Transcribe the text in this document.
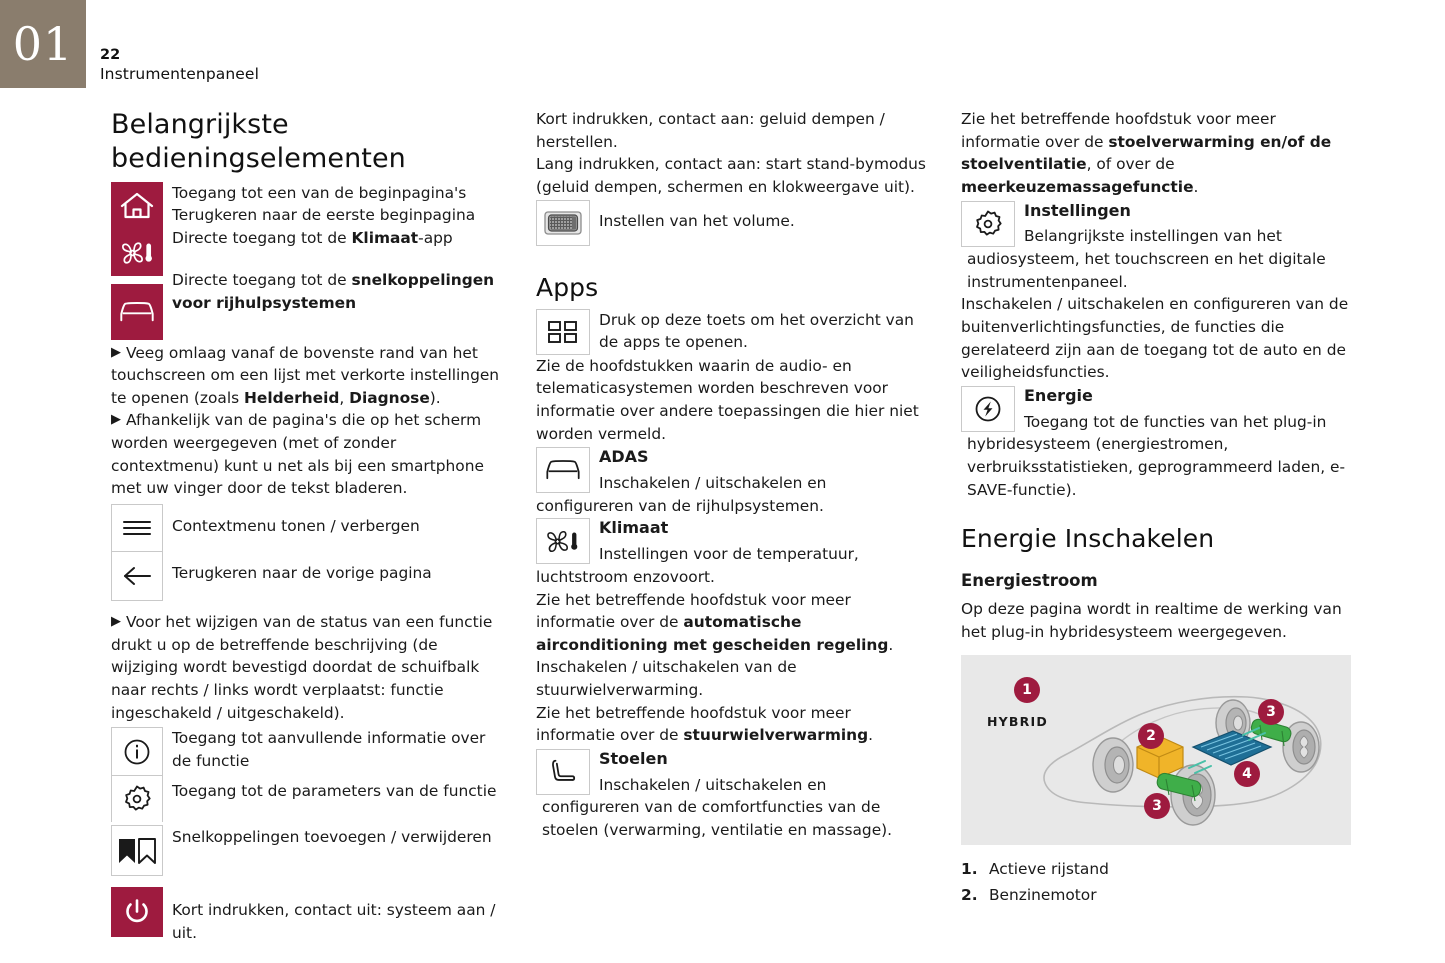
01 22
Instrumentenpaneel
Belangrijkste bedieningselementen

Toegang tot een van de beginpagina's

Terugkeren naar de eerste beginpagina

Directe toegang tot de Klimaat-app

Directe toegang tot de snelkoppelingen voor rijhulpsystemen

▶ Veeg omlaag vanaf de bovenste rand van het touchscreen om een lijst met verkorte instellingen te openen (zoals Helderheid, Diagnose).

▶ Afhankelijk van de pagina's die op het scherm worden weergegeven (met of zonder contextmenu) kunt u net als bij een smartphone met uw vinger door de tekst bladeren.

Contextmenu tonen / verbergen

Terugkeren naar de vorige pagina

▶ Voor het wijzigen van de status van een functie drukt u op de betreffende beschrijving (de wijziging wordt bevestigd doordat de schuifbalk naar rechts / links wordt verplaatst: functie ingeschakeld / uitgeschakeld).

Toegang tot aanvullende informatie over de functie

Toegang tot de parameters van de functie

Snelkoppelingen toevoegen / verwijderen

Kort indrukken, contact uit: systeem aan / uit.

Kort indrukken, contact aan: geluid dempen / herstellen.

Lang indrukken, contact aan: start stand-bymodus (geluid dempen, schermen en klokweergave uit).

Instellen van het volume.
Apps
Druk op deze toets om het overzicht van de apps te openen.

Zie de hoofdstukken waarin de audio- en telematicasystemen worden beschreven voor informatie over andere toepassingen die hier niet worden vermeld.

ADAS

Inschakelen / uitschakelen en configureren van de rijhulpsystemen.

Klimaat

Instellingen voor de temperatuur, luchtstroom enzovoort.

Zie het betreffende hoofdstuk voor meer informatie over de automatische airconditioning met gescheiden regeling.

Inschakelen / uitschakelen van de stuurwielverwarming.

Zie het betreffende hoofdstuk voor meer informatie over de stuurwielverwarming.

Stoelen

Inschakelen / uitschakelen en configureren van de comfortfuncties van de stoelen (verwarming, ventilatie en massage).

Zie het betreffende hoofdstuk voor meer informatie over de stoelverwarming en/of de stoelventilatie, of over de meerkeuzemassagefunctie.

Instellingen

Belangrijkste instellingen van het audiosysteem, het touchscreen en het digitale instrumentenpaneel.

Inschakelen / uitschakelen en configureren van de buitenverlichtingsfuncties, de functies die gerelateerd zijn aan de toegang tot de auto en de veiligheidsfuncties.

Energie

Toegang tot de functies van het plug-in hybridesysteem (energiestromen, verbruiksstatistieken, geprogrammeerd laden, e-SAVE-functie).

Energie Inschakelen
Energiestroom

Op deze pagina wordt in realtime de werking van het plug-in hybridesysteem weergegeven.

HYBRID
1
2
3
3
4
1. Actieve rijstand
2. Benzinemotor
